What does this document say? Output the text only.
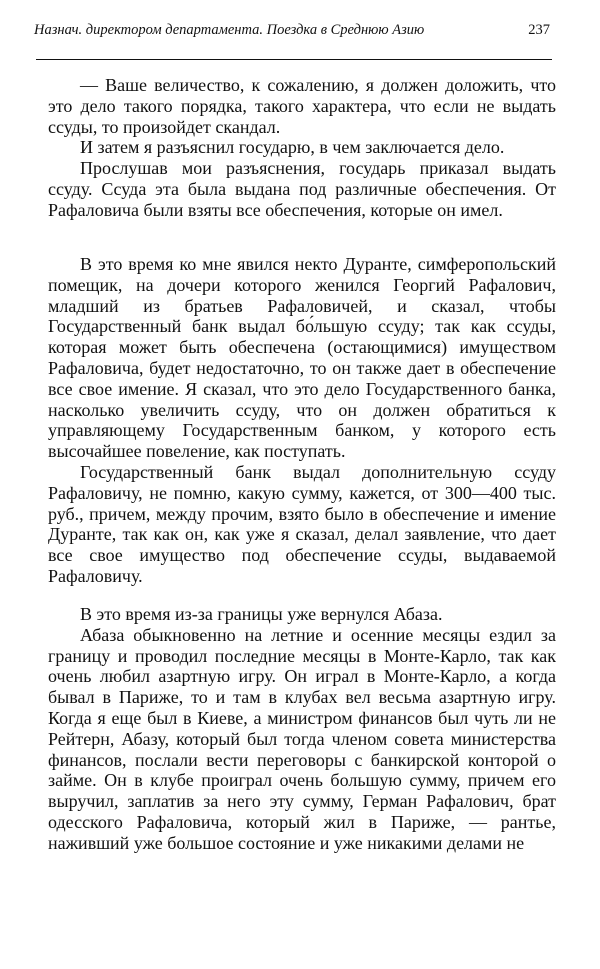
Назнач. директором департамента. Поездка в Среднюю Азию	237

— Ваше величество, к сожалению, я должен доложить, что это дело такого порядка, такого характера, что если не выдать ссуды, то произойдет скандал.

И затем я разъяснил государю, в чем заключается дело.

Прослушав мои разъяснения, государь приказал выдать ссуду. Ссуда эта была выдана под различные обеспечения. От Рафаловича были взяты все обеспечения, которые он имел.

В это время ко мне явился некто Дуранте, симферопольский помещик, на дочери которого женился Георгий Рафалович, младший из братьев Рафаловичей, и сказал, чтобы Государственный банк выдал бо́льшую ссуду; так как ссуды, которая может быть обеспечена (остающимися) имуществом Рафаловича, будет недостаточно, то он также дает в обеспечение все свое имение. Я сказал, что это дело Государственного банка, насколько увеличить ссуду, что он должен обратиться к управляющему Государственным банком, у которого есть высочайшее повеление, как поступать.

Государственный банк выдал дополнительную ссуду Рафаловичу, не помню, какую сумму, кажется, от 300—400 тыс. руб., причем, между прочим, взято было в обеспечение и имение Дуранте, так как он, как уже я сказал, делал заявление, что дает все свое имущество под обеспечение ссуды, выдаваемой Рафаловичу.

В это время из-за границы уже вернулся Абаза.

Абаза обыкновенно на летние и осенние месяцы ездил за границу и проводил последние месяцы в Монте-Карло, так как очень любил азартную игру. Он играл в Монте-Карло, а когда бывал в Париже, то и там в клубах вел весьма азартную игру. Когда я еще был в Киеве, а министром финансов был чуть ли не Рейтерн, Абазу, который был тогда членом совета министерства финансов, послали вести переговоры с банкирской конторой о займе. Он в клубе проиграл очень большую сумму, причем его выручил, заплатив за него эту сумму, Герман Рафалович, брат одесского Рафаловича, который жил в Париже, — рантье, наживший уже большое состояние и уже никакими делами не
